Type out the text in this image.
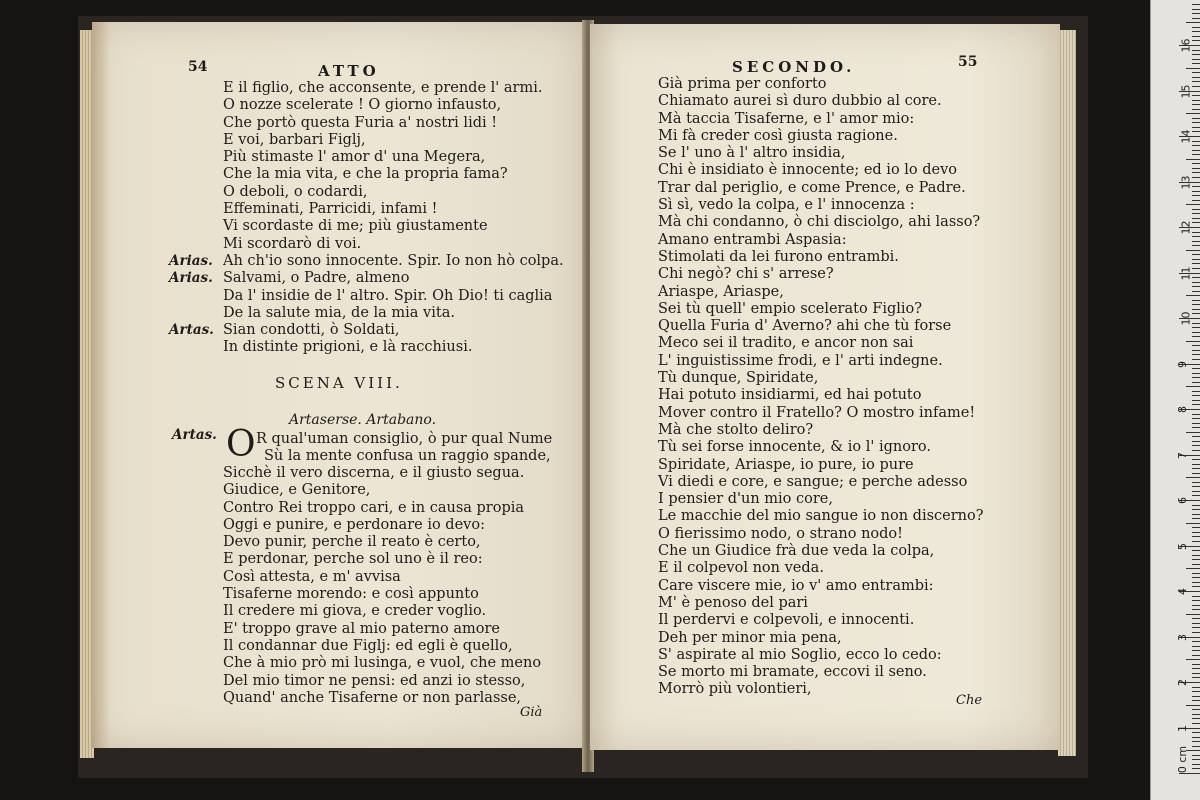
54	ATTO
E il figlio, che acconsente, e prende l' armi.
O nozze scelerate ! O giorno infausto,
Che portò questa Furia a' nostri lidi !
E voi, barbari Figlj,
Più stimaste l' amor d' una Megera,
Che la mia vita, e che la propria fama?
O deboli, o codardi,
Effeminati, Parricidi, infami !
Vi scordaste di me; più giustamente
Mi scordarò di voi.
Arias. Ah ch'io sono innocente. Spir. Io non hò colpa.
Arias. Salvami, o Padre, almeno
Da l' insidie de l' altro. Spir. Oh Dio! ti caglia
De la salute mia, de la mia vita.
Artas. Sian condotti, ò Soldati,
In distinte prigioni, e là racchiusi.
SCENA VIII.
Artaserse. Artabano.
Artas. O R qual'uman consiglio, ò pur qual Nume
Sù la mente confusa un raggio spande,
Sicchè il vero discerna, e il giusto segua.
Giudice, e Genitore,
Contro Rei troppo cari, e in causa propia
Oggi e punire, e perdonare io devo:
Devo punir, perche il reato è certo,
E perdonar, perche sol uno è il reo:
Così attesta, e m' avvisa
Tisaferne morendo: e così appunto
Il credere mi giova, e creder voglio.
E' troppo grave al mio paterno amore
Il condannar due Figlj: ed egli è quello,
Che à mio prò mi lusinga, e vuol, che meno
Del mio timor ne pensi: ed anzi io stesso,
Quand' anche Tisaferne or non parlasse,
Già
SECONDO.	55
Già prima per conforto
Chiamato aurei sì duro dubbio al core.
Mà taccia Tisaferne, e l' amor mio:
Mi fà creder così giusta ragione.
Se l' uno à l' altro insidia,
Chi è insidiato è innocente; ed io lo devo
Trar dal periglio, e come Prence, e Padre.
Sì sì, vedo la colpa, e l' innocenza :
Mà chi condanno, ò chi disciolgo, ahi lasso?
Amano entrambi Aspasia:
Stimolati da lei furono entrambi.
Chi negò? chi s' arrese?
Ariaspe, Ariaspe,
Sei tù quell' empio scelerato Figlio?
Quella Furia d' Averno? ahi che tù forse
Meco sei il tradito, e ancor non sai
L' inguistissime frodi, e l' arti indegne.
Tù dunque, Spiridate,
Hai potuto insidiarmi, ed hai potuto
Mover contro il Fratello? O mostro infame!
Mà che stolto deliro?
Tù sei forse innocente, & io l' ignoro.
Spiridate, Ariaspe, io pure, io pure
Vi diedi e core, e sangue; e perche adesso
I pensier d'un mio core,
Le macchie del mio sangue io non discerno?
O fierissimo nodo, o strano nodo!
Che un Giudice frà due veda la colpa,
E il colpevol non veda.
Care viscere mie, io v' amo entrambi:
M' è penoso del pari
Il perdervi e colpevoli, e innocenti.
Deh per minor mia pena,
S' aspirate al mio Soglio, ecco lo cedo:
Se morto mi bramate, eccovi il seno.
Morrò più volontieri,
Che
0 cm
1
2
3
4
5
6
7
8
9
10
11
12
13
14
15
16
